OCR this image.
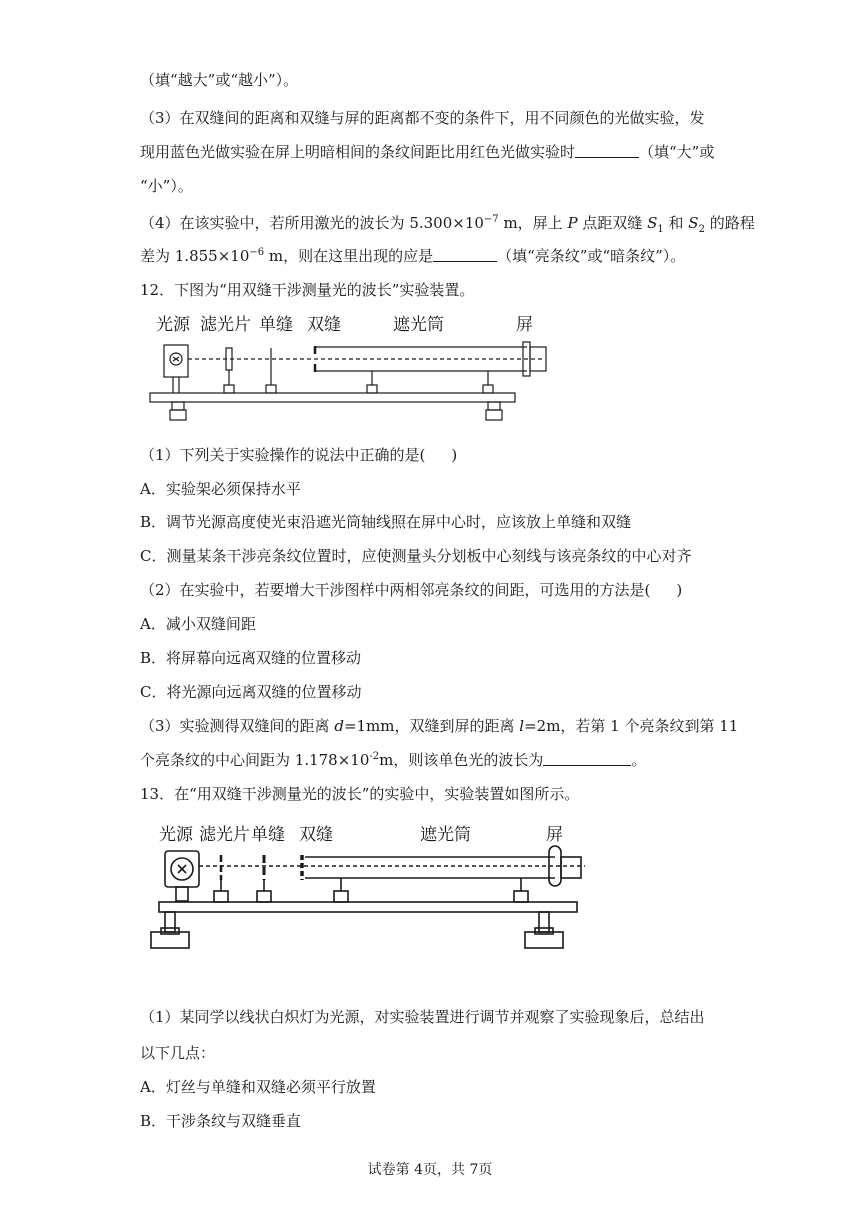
（填“越大”或“越小”）。
（3）在双缝间的距离和双缝与屏的距离都不变的条件下，用不同颜色的光做实验，发
现用蓝色光做实验在屏上明暗相间的条纹间距比用红色光做实验时	（填“大”或
“小”）。
（4）在该实验中，若所用激光的波长为 $5.300\times 10^{-7}$ m，屏上 P 点距双缝 $S_1$ 和 $S_2$ 的路程
差为 $1.855\times 10^{-6}$ m，则在这里出现的应是	（填“亮条纹”或“暗条纹”）。
12．下图为“用双缝干涉测量光的波长”实验装置。
光源 滤光片 单缝 双缝	遮光筒	屏
（1）下列关于实验操作的说法中正确的是( )
A．实验架必须保持水平
B．调节光源高度使光束沿遮光筒轴线照在屏中心时，应该放上单缝和双缝
C．测量某条干涉亮条纹位置时，应使测量头分划板中心刻线与该亮条纹的中心对齐
（2）在实验中，若要增大干涉图样中两相邻亮条纹的间距，可选用的方法是( )
A．减小双缝间距
B．将屏幕向远离双缝的位置移动
C．将光源向远离双缝的位置移动
（3）实验测得双缝间的距离 d=1mm，双缝到屏的距离 l=2m，若第 1 个亮条纹到第 11
个亮条纹的中心间距为 $1.178\times 10^{-2}m$，则该单色光的波长为	。
13．在“用双缝干涉测量光的波长”的实验中，实验装置如图所示。
光源 滤光片 单缝 双缝	遮光筒	屏
（1）某同学以线状白炽灯为光源，对实验装置进行调节并观察了实验现象后，总结出
以下几点：
A．灯丝与单缝和双缝必须平行放置
B．干涉条纹与双缝垂直
试卷第 4页，共 7页
